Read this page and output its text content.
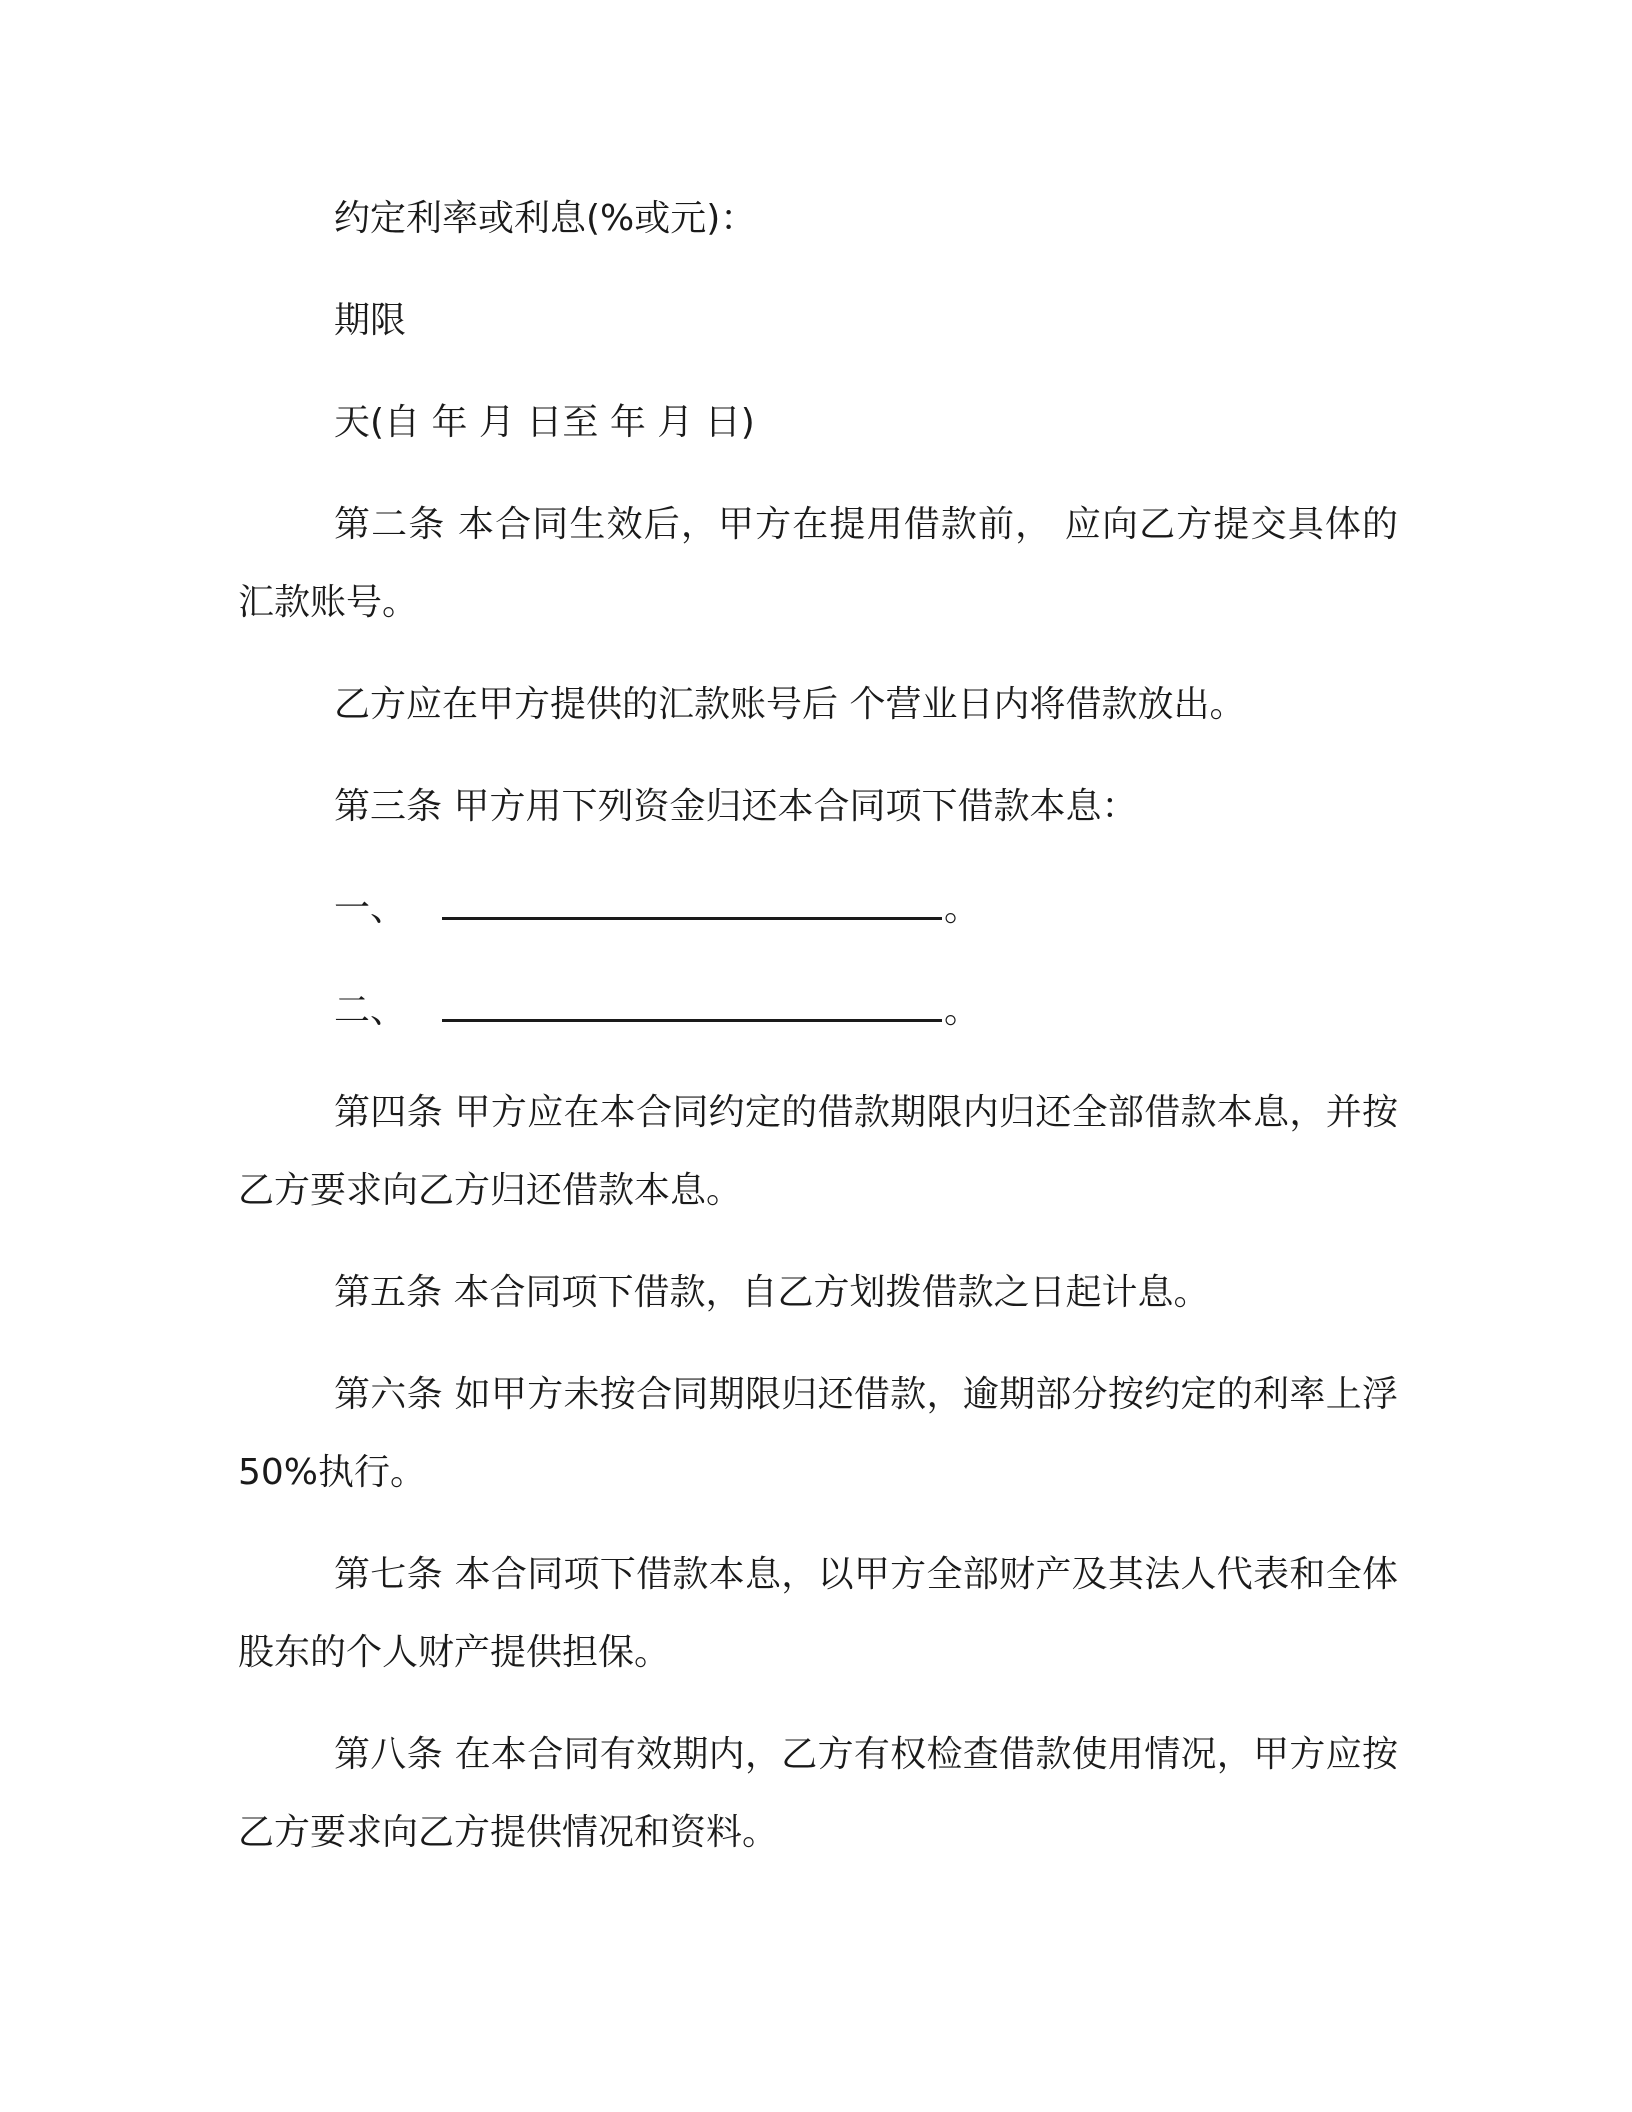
约定利率或利息(%或元)：
期限
天(自 年 月 日至 年 月 日)
第二条 本合同生效后，甲方在提用借款前， 应向乙方提交具体的汇款账号。
乙方应在甲方提供的汇款账号后 个营业日内将借款放出。
第三条 甲方用下列资金归还本合同项下借款本息：
一、	。
二、	。
第四条 甲方应在本合同约定的借款期限内归还全部借款本息，并按乙方要求向乙方归还借款本息。
第五条 本合同项下借款，自乙方划拨借款之日起计息。
第六条 如甲方未按合同期限归还借款，逾期部分按约定的利率上浮 50%执行。
第七条 本合同项下借款本息，以甲方全部财产及其法人代表和全体股东的个人财产提供担保。
第八条 在本合同有效期内，乙方有权检查借款使用情况，甲方应按乙方要求向乙方提供情况和资料。
